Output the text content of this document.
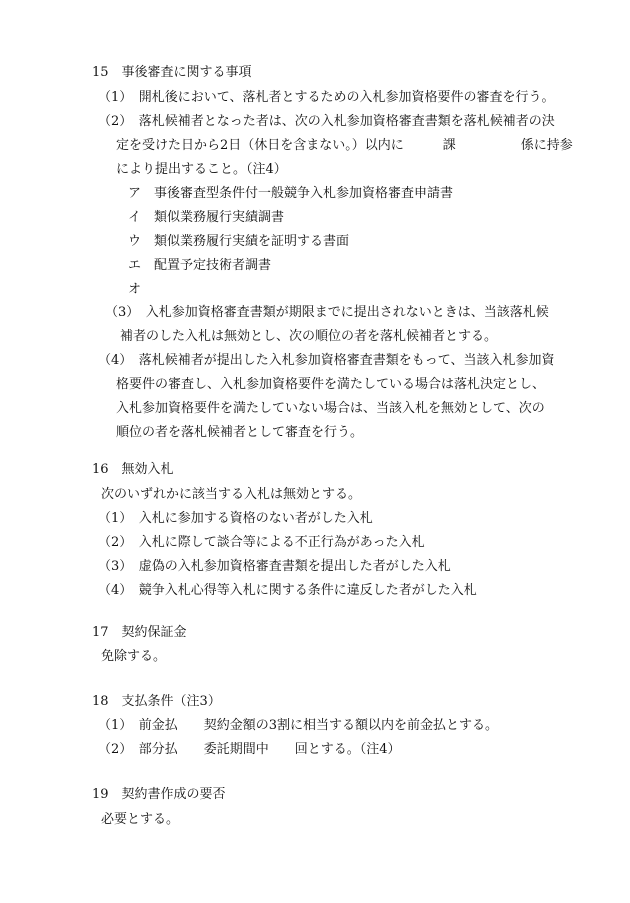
15　事後審査に関する事項
（1）　開札後において、落札者とするための入札参加資格要件の審査を行う。
（2）　落札候補者となった者は、次の入札参加資格審査書類を落札候補者の決
定を受けた日から2日（休日を含まない。）以内に　　　課　　　　　係に持参
により提出すること。（注4）
ア　事後審査型条件付一般競争入札参加資格審査申請書
イ　類似業務履行実績調書
ウ　類似業務履行実績を証明する書面
エ　配置予定技術者調書
オ
（3）　入札参加資格審査書類が期限までに提出されないときは、当該落札候
補者のした入札は無効とし、次の順位の者を落札候補者とする。
（4）　落札候補者が提出した入札参加資格審査書類をもって、当該入札参加資
格要件の審査し、入札参加資格要件を満たしている場合は落札決定とし、
入札参加資格要件を満たしていない場合は、当該入札を無効として、次の
順位の者を落札候補者として審査を行う。
16　無効入札
次のいずれかに該当する入札は無効とする。
（1）　入札に参加する資格のない者がした入札
（2）　入札に際して談合等による不正行為があった入札
（3）　虚偽の入札参加資格審査書類を提出した者がした入札
（4）　競争入札心得等入札に関する条件に違反した者がした入札
17　契約保証金
免除する。
18　支払条件（注3）
（1）　前金払　　契約金額の3割に相当する額以内を前金払とする。
（2）　部分払　　委託期間中　　回とする。（注4）
19　契約書作成の要否
必要とする。
